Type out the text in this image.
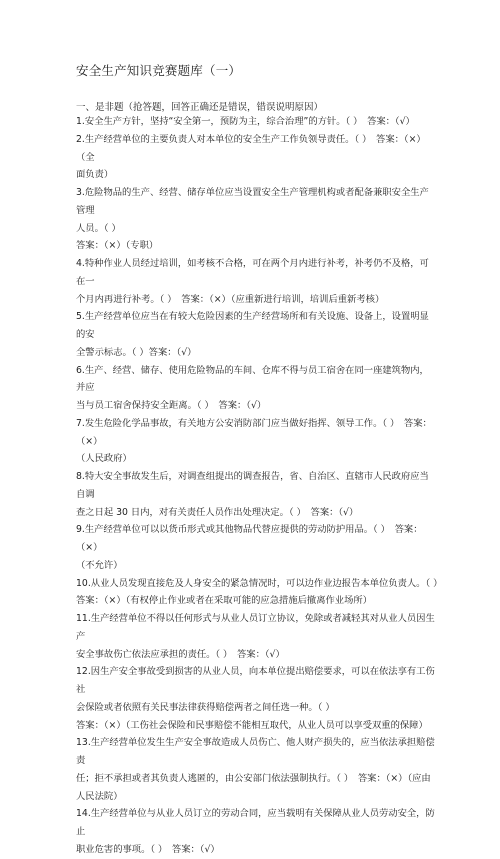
安全生产知识竞赛题库（一）
一、是非题（抢答题，回答正确还是错误，错误说明原因）

1.安全生产方针，坚持“安全第一，预防为主，综合治理”的方针。（ ）　答案：（√）

2.生产经营单位的主要负责人对本单位的安全生产工作负领导责任。（ ）　答案：（×）（全

面负责）

3.危险物品的生产、经营、储存单位应当设置安全生产管理机构或者配备兼职安全生产管理

人员。（ ）

答案：（×）（专职）

4.特种作业人员经过培训，如考核不合格，可在两个月内进行补考，补考仍不及格，可在一

个月内再进行补考。（ ）　答案：（×）（应重新进行培训，培训后重新考核）

5.生产经营单位应当在有较大危险因素的生产经营场所和有关设施、设备上，设置明显的安

全警示标志。（ ）答案：（√）

6.生产、经营、储存、使用危险物品的车间、仓库不得与员工宿舍在同一座建筑物内，并应

当与员工宿舍保持安全距离。（ ）　答案：（√）

7.发生危险化学品事故，有关地方公安消防部门应当做好指挥、领导工作。（ ）　答案：（×）

（人民政府）

8.特大安全事故发生后，对调查组提出的调查报告，省、自治区、直辖市人民政府应当自调

查之日起 30 日内，对有关责任人员作出处理决定。（ ）　答案：（√）

9.生产经营单位可以以货币形式或其他物品代替应提供的劳动防护用品。（ ）　答案：（×）

（不允许）

10.从业人员发现直接危及人身安全的紧急情况时，可以边作业边报告本单位负责人。（ ）

答案：（×）（有权停止作业或者在采取可能的应急措施后撤离作业场所）

11.生产经营单位不得以任何形式与从业人员订立协议，免除或者减轻其对从业人员因生产

安全事故伤亡依法应承担的责任。（ ）　答案：（√）

12.因生产安全事故受到损害的从业人员，向本单位提出赔偿要求，可以在依法享有工伤社

会保险或者依照有关民事法律获得赔偿两者之间任选一种。（ ）

答案：（×）（工伤社会保险和民事赔偿不能相互取代，从业人员可以享受双重的保障）

13.生产经营单位发生生产安全事故造成人员伤亡、他人财产损失的，应当依法承担赔偿责

任；拒不承担或者其负责人逃匿的，由公安部门依法强制执行。（ ）　答案：（×）（应由

人民法院）

14.生产经营单位与从业人员订立的劳动合同，应当载明有关保障从业人员劳动安全，防止

职业危害的事项。（ ）　答案：（√）
